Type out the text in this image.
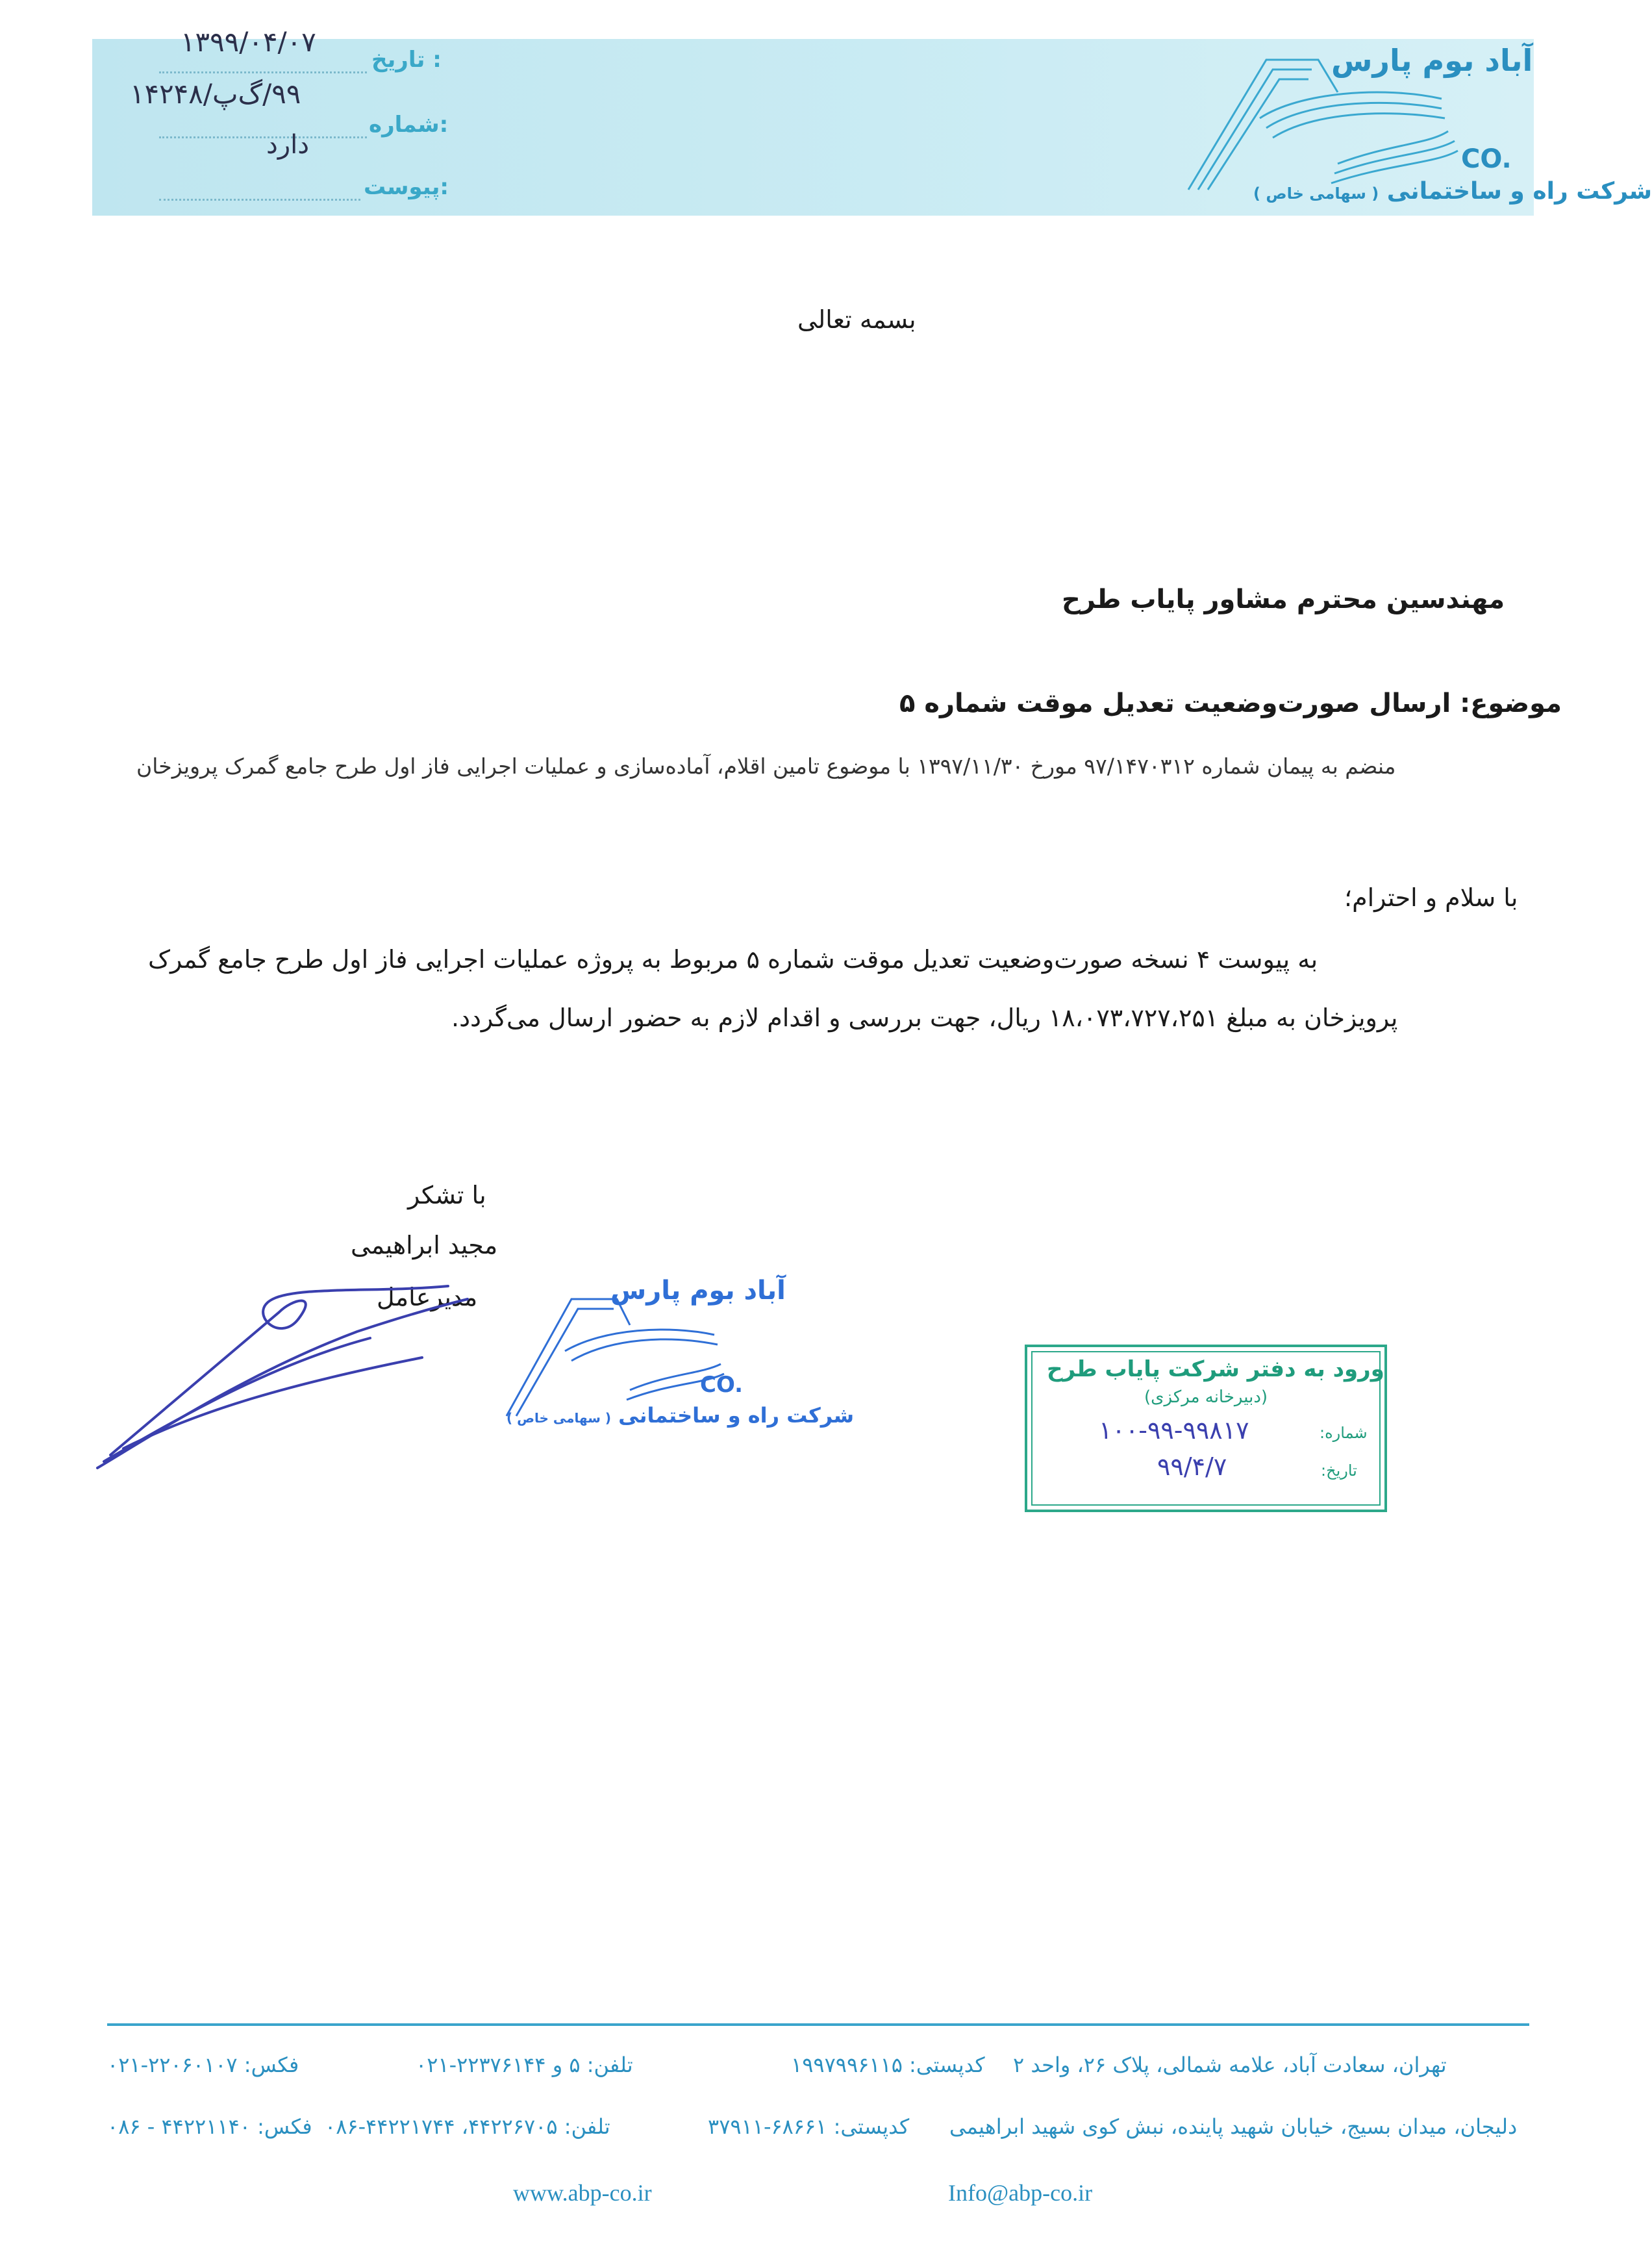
تاریخ :
۱۳۹۹/۰۴/۰۷
شماره:
۹۹/گ‌پ/۱۴۲۴۸
پیوست:
دارد
آباد بوم پارس
CO.
شرکت راه و ساختمانی ( سهامی خاص )
بسمه تعالی
مهندسین محترم مشاور پایاب طرح
موضوع: ارسال صورت‌وضعیت تعدیل موقت شماره ۵
منضم به پیمان شماره ۹۷/۱۴۷۰۳۱۲ مورخ ۱۳۹۷/۱۱/۳۰ با موضوع تامین اقلام، آماده‌سازی و عملیات اجرایی فاز اول طرح جامع گمرک پرویزخان
با سلام و احترام؛
به پیوست ۴ نسخه صورت‌وضعیت تعدیل موقت شماره ۵ مربوط به پروژه عملیات اجرایی فاز اول طرح جامع گمرک
پرویزخان به مبلغ ۱۸،۰۷۳،۷۲۷،۲۵۱ ریال، جهت بررسی و اقدام لازم به حضور ارسال می‌گردد.
با تشکر
مجید ابراهیمی
مدیرعامل	آباد بوم پارس
CO.
شرکت راه و ساختمانی ( سهامی خاص )
ورود به دفتر شرکت پایاب طرح
(دبیرخانه مرکزی)
شماره:
۱۰۰-۹۹-۹۹۸۱۷
تاریخ:
۹۹/۴/۷
تهران، سعادت آباد، علامه شمالی، پلاک ۲۶، واحد ۲
کدپستی: ۱۹۹۷۹۹۶۱۱۵
تلفن: ۵ و ۲۲۳۷۶۱۴۴-۰۲۱
فکس: ۲۲۰۶۰۱۰۷-۰۲۱
دلیجان، میدان بسیج، خیابان شهید پاینده، نبش کوی شهید ابراهیمی
کدپستی: ۶۸۶۶۱-۳۷۹۱۱
تلفن: ۴۴۲۲۶۷۰۵، ۴۴۲۲۱۷۴۴-۰۸۶
فکس: ۴۴۲۲۱۱۴۰ - ۰۸۶
www.abp-co.ir	Info@abp-co.ir
